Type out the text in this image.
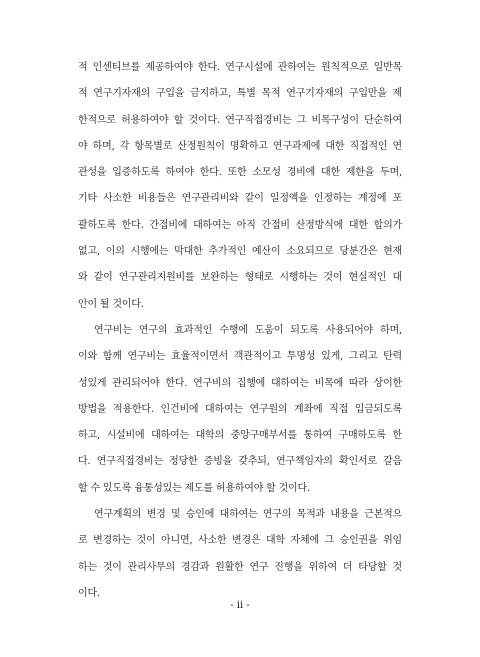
적 인센티브를 제공하여야 한다. 연구시설에 관하여는 원칙적으로 일반목
적 연구기자재의 구입을 금지하고, 특별 목적 연구기자재의 구입만을 제
한적으로 허용하여야 할 것이다. 연구직접경비는 그 비목구성이 단순하여
야 하며, 각 항목별로 산정원칙이 명확하고 연구과제에 대한 직접적인 연
관성을 입증하도록 하여야 한다. 또한 소모성 경비에 대한 제한을 두며,
기타 사소한 비용들은 연구관리비와 같이 일정액을 인정하는 계정에 포
괄하도록 한다. 간접비에 대하여는 아직 간접비 산정방식에 대한 합의가
없고, 이의 시행에는 막대한 추가적인 예산이 소요되므로 당분간은 현재
와 같이 연구관리지원비를 보완하는 형태로 시행하는 것이 현실적인 대
안이 될 것이다.
연구비는 연구의 효과적인 수행에 도움이 되도록 사용되어야 하며,
이와 함께 연구비는 효율적이면서 객관적이고 투명성 있게, 그리고 탄력
성있게 관리되어야 한다. 연구비의 집행에 대하여는 비목에 따라 상이한
방법을 적용한다. 인건비에 대하여는 연구원의 계좌에 직접 입금되도록
하고, 시설비에 대하여는 대학의 중앙구매부서를 통하여 구매하도록 한
다. 연구직접경비는 정당한 증빙을 갖추되, 연구책임자의 확인서로 갈음
할 수 있도록 융통성있는 제도를 허용하여야 할 것이다.
연구계획의 변경 및 승인에 대하여는 연구의 목적과 내용을 근본적으
로 변경하는 것이 아니면, 사소한 변경은 대학 자체에 그 승인권을 위임
하는 것이 관리사무의 경감과 원활한 연구 진행을 위하여 더 타당할 것
이다.
- ii -
